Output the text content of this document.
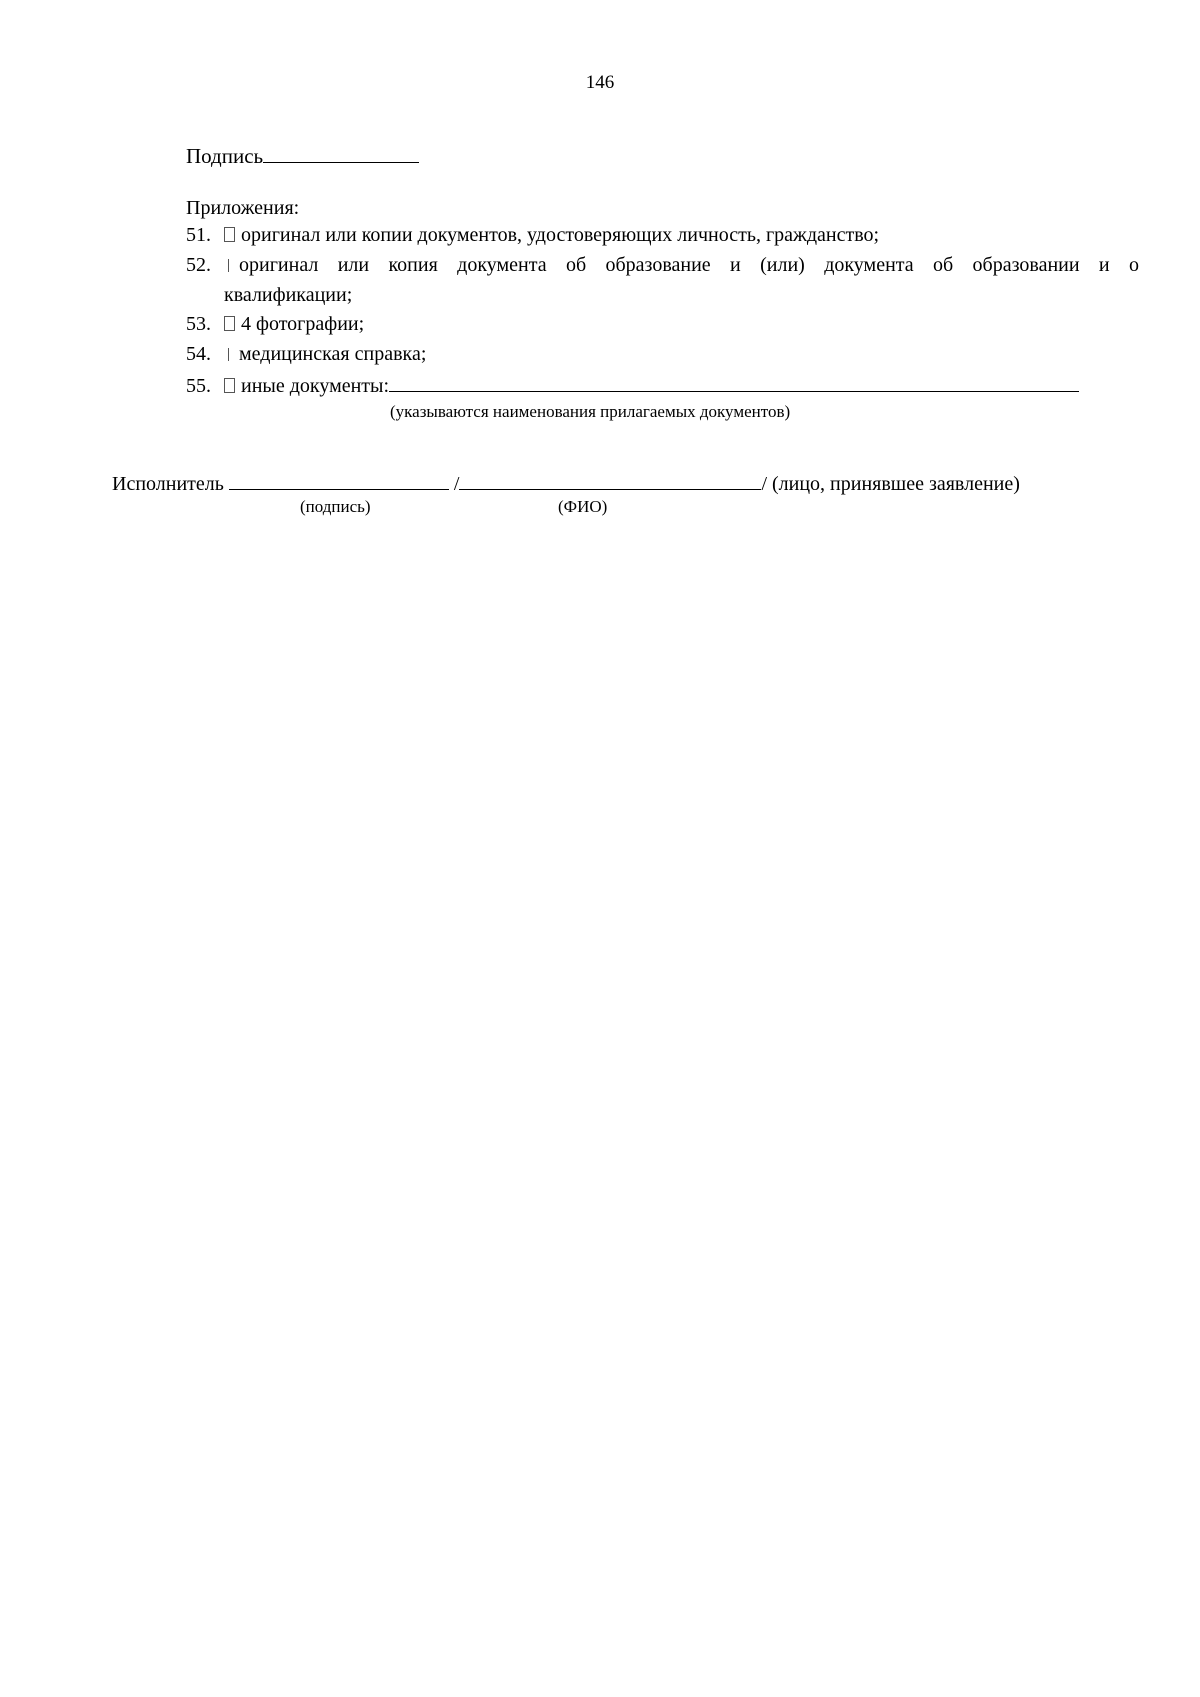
146
Подпись
Приложения:
51. оригинал или копии документов, удостоверяющих личность, гражданство;
52. оригинал или копия документа об образование и (или) документа об образовании и о
квалификации;
53. 4 фотографии;
54. медицинская справка;
55. иные документы:
(указываются наименования прилагаемых документов)
Исполнитель	/	/ (лицо, принявшее заявление)
(подпись)	(ФИО)
